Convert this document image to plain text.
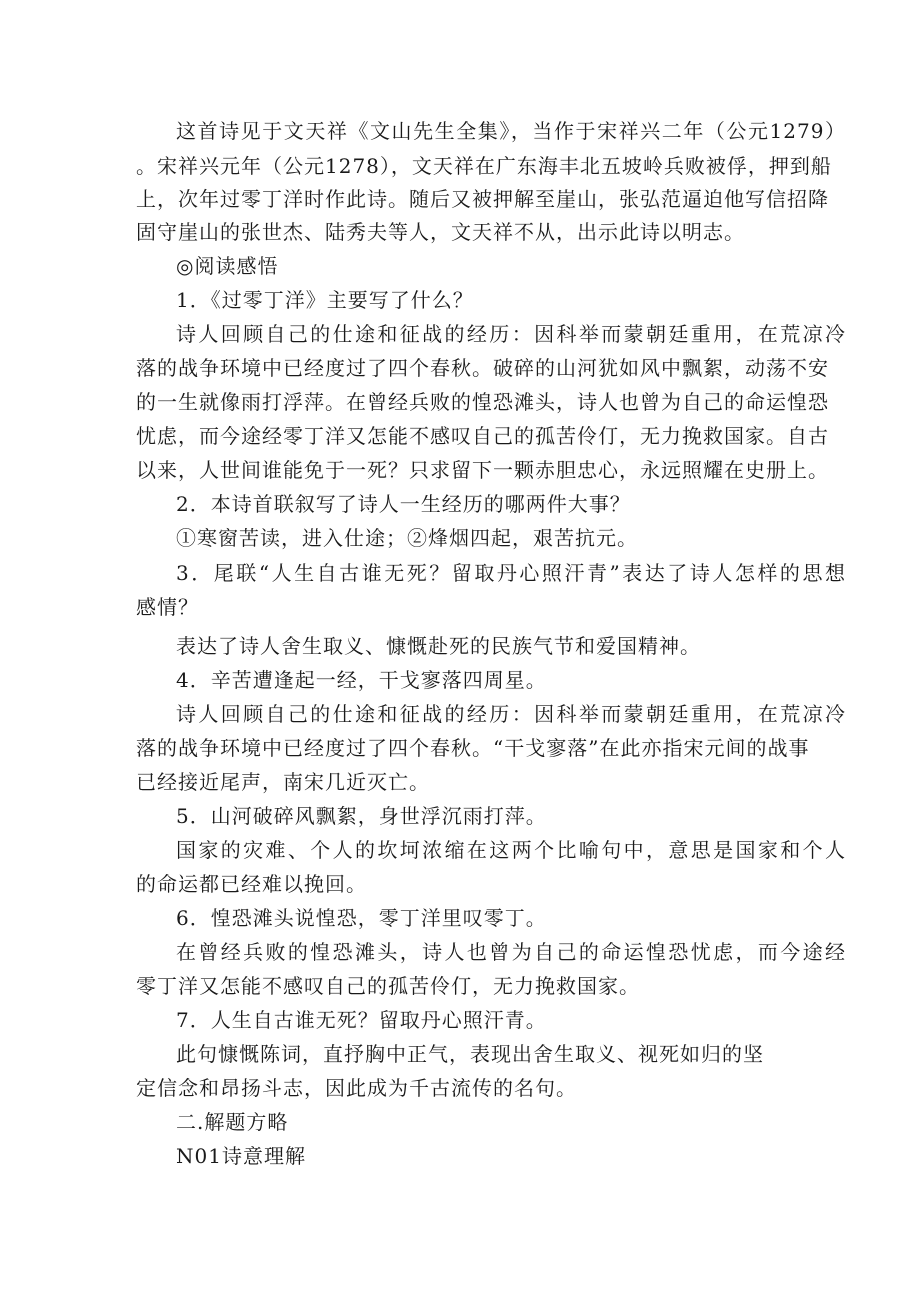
这首诗见于文天祥《文山先生全集》，当作于宋祥兴二年（公元1279）
。宋祥兴元年（公元1278），文天祥在广东海丰北五坡岭兵败被俘，押到船
上，次年过零丁洋时作此诗。随后又被押解至崖山，张弘范逼迫他写信招降
固守崖山的张世杰、陆秀夫等人，文天祥不从，出示此诗以明志。
◎阅读感悟
1．《过零丁洋》主要写了什么？
诗人回顾自己的仕途和征战的经历：因科举而蒙朝廷重用，在荒凉冷
落的战争环境中已经度过了四个春秋。破碎的山河犹如风中飘絮，动荡不安
的一生就像雨打浮萍。在曾经兵败的惶恐滩头，诗人也曾为自己的命运惶恐
忧虑，而今途经零丁洋又怎能不感叹自己的孤苦伶仃，无力挽救国家。自古
以来，人世间谁能免于一死？只求留下一颗赤胆忠心，永远照耀在史册上。
2．本诗首联叙写了诗人一生经历的哪两件大事？
①寒窗苦读，进入仕途；②烽烟四起，艰苦抗元。
3．尾联“人生自古谁无死？留取丹心照汗青”表达了诗人怎样的思想
感情？
表达了诗人舍生取义、慷慨赴死的民族气节和爱国精神。
4．辛苦遭逢起一经，干戈寥落四周星。
诗人回顾自己的仕途和征战的经历：因科举而蒙朝廷重用，在荒凉冷
落的战争环境中已经度过了四个春秋。“干戈寥落”在此亦指宋元间的战事
已经接近尾声，南宋几近灭亡。
5．山河破碎风飘絮，身世浮沉雨打萍。
国家的灾难、个人的坎坷浓缩在这两个比喻句中，意思是国家和个人
的命运都已经难以挽回。
6．惶恐滩头说惶恐，零丁洋里叹零丁。
在曾经兵败的惶恐滩头，诗人也曾为自己的命运惶恐忧虑，而今途经
零丁洋又怎能不感叹自己的孤苦伶仃，无力挽救国家。
7．人生自古谁无死？留取丹心照汗青。
此句慷慨陈词，直抒胸中正气，表现出舍生取义、视死如归的坚
定信念和昂扬斗志，因此成为千古流传的名句。
二.解题方略
N01诗意理解
